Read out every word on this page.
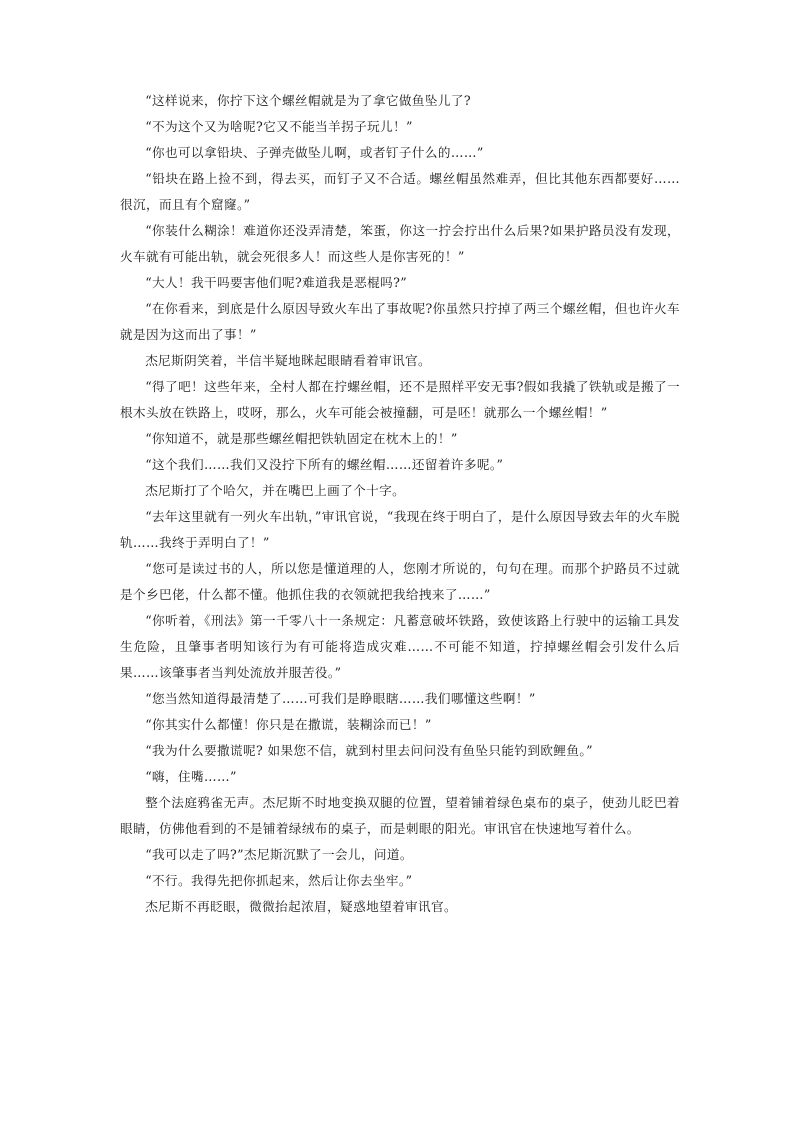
“这样说来，你拧下这个螺丝帽就是为了拿它做鱼坠儿了?

“不为这个又为啥呢?它又不能当羊拐子玩儿！”

“你也可以拿铅块、子弹壳做坠儿啊，或者钉子什么的……”

“铅块在路上捡不到，得去买，而钉子又不合适。螺丝帽虽然难弄，但比其他东西都要好……很沉，而且有个窟窿。”

“你装什么糊涂！难道你还没弄清楚，笨蛋，你这一拧会拧出什么后果?如果护路员没有发现，火车就有可能出轨，就会死很多人！而这些人是你害死的！”

“大人！我干吗要害他们呢?难道我是恶棍吗?”

“在你看来，到底是什么原因导致火车出了事故呢?你虽然只拧掉了两三个螺丝帽，但也许火车就是因为这而出了事！”

杰尼斯阴笑着，半信半疑地眯起眼睛看着审讯官。

“得了吧！这些年来，全村人都在拧螺丝帽，还不是照样平安无事?假如我撬了铁轨或是搬了一根木头放在铁路上，哎呀，那么，火车可能会被撞翻，可是呸！就那么一个螺丝帽！”

“你知道不，就是那些螺丝帽把铁轨固定在枕木上的！”

“这个我们……我们又没拧下所有的螺丝帽……还留着许多呢。”

杰尼斯打了个哈欠，并在嘴巴上画了个十字。

“去年这里就有一列火车出轨，”审讯官说，“我现在终于明白了，是什么原因导致去年的火车脱轨……我终于弄明白了！”

“您可是读过书的人，所以您是懂道理的人，您刚才所说的，句句在理。而那个护路员不过就是个乡巴佬，什么都不懂。他抓住我的衣领就把我给拽来了……”

“你听着，《刑法》第一千零八十一条规定：凡蓄意破坏铁路，致使该路上行驶中的运输工具发生危险，且肇事者明知该行为有可能将造成灾难……不可能不知道，拧掉螺丝帽会引发什么后果……该肇事者当判处流放并服苦役。”

“您当然知道得最清楚了……可我们是睁眼瞎……我们哪懂这些啊！”

“你其实什么都懂！你只是在撒谎，装糊涂而已！”

“我为什么要撒谎呢? 如果您不信，就到村里去问问没有鱼坠只能钓到欧鲤鱼。”

“嗨，住嘴……”

整个法庭鸦雀无声。杰尼斯不时地变换双腿的位置，望着铺着绿色桌布的桌子，使劲儿眨巴着眼睛，仿佛他看到的不是铺着绿绒布的桌子，而是刺眼的阳光。审讯官在快速地写着什么。

“我可以走了吗?”杰尼斯沉默了一会儿，问道。

“不行。我得先把你抓起来，然后让你去坐牢。”

杰尼斯不再眨眼，微微抬起浓眉，疑惑地望着审讯官。
